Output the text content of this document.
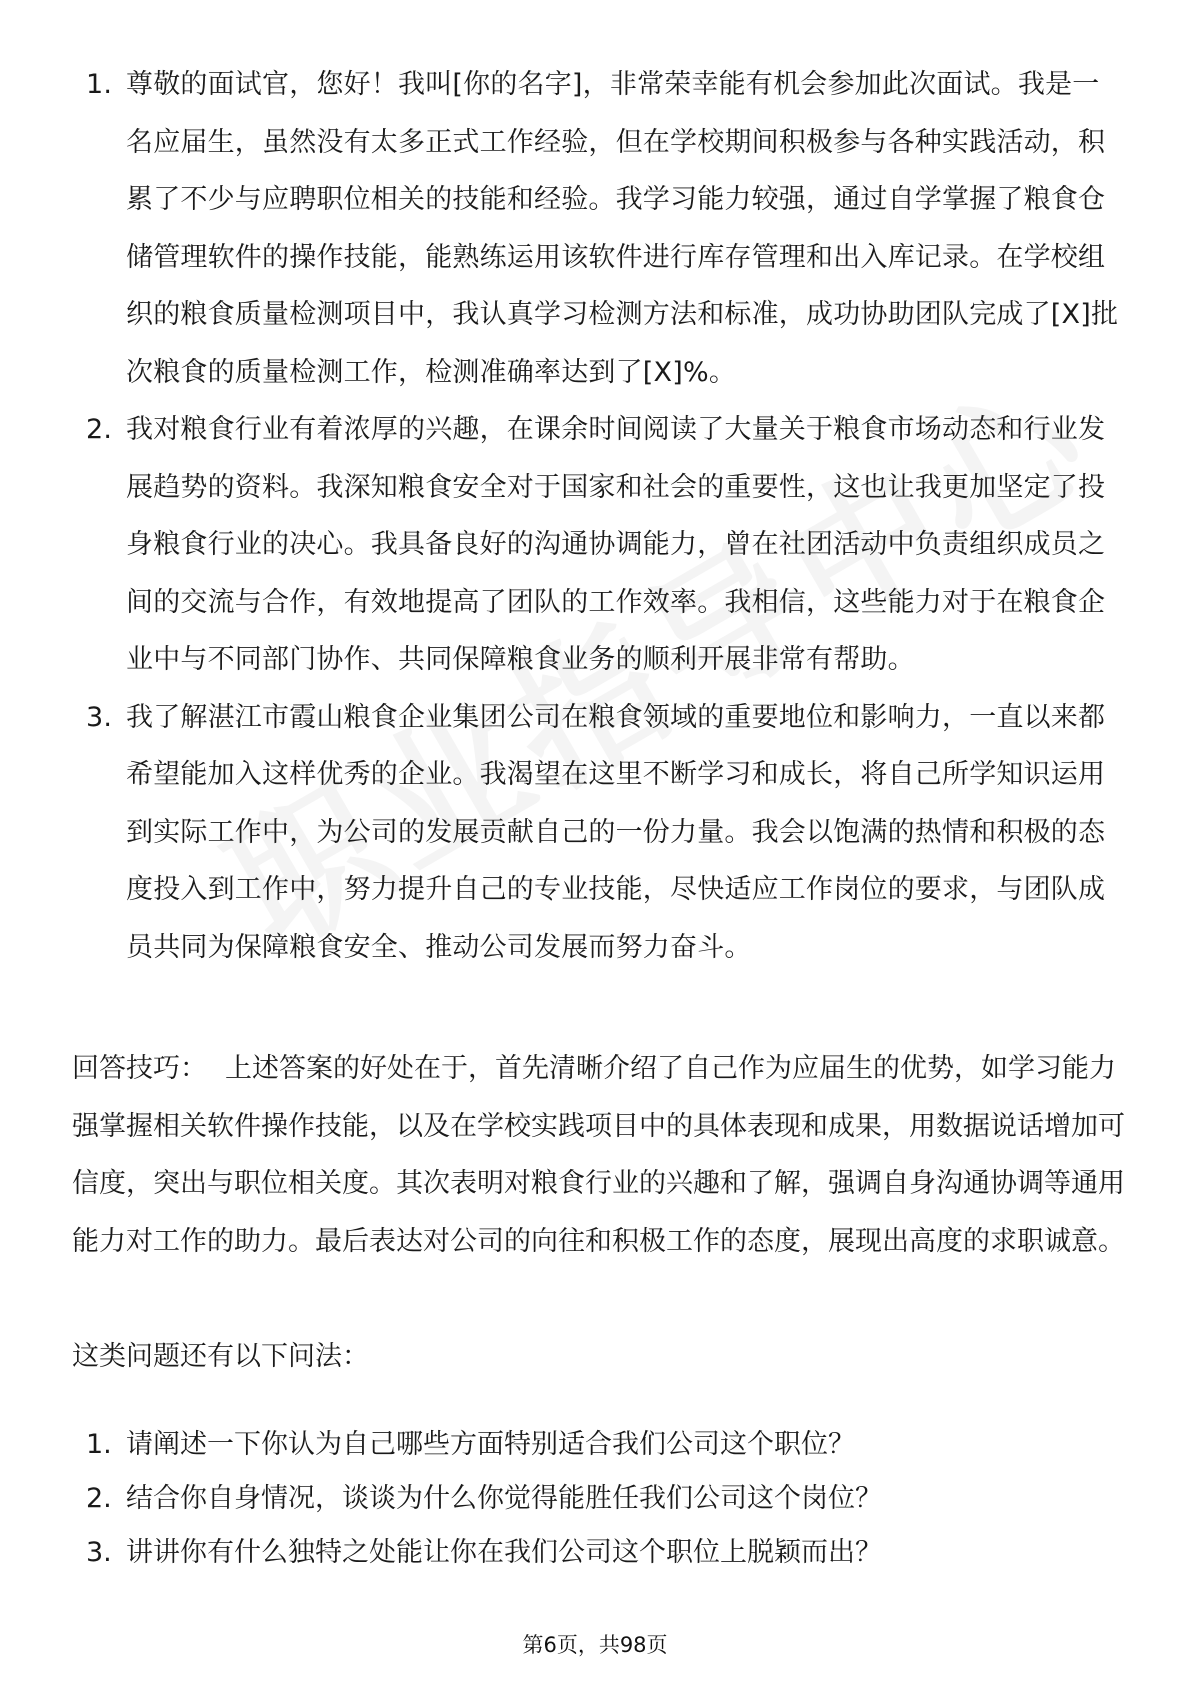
1. 尊敬的面试官，您好！我叫[你的名字]，非常荣幸能有机会参加此次面试。我是一名应届生，虽然没有太多正式工作经验，但在学校期间积极参与各种实践活动，积累了不少与应聘职位相关的技能和经验。我学习能力较强，通过自学掌握了粮食仓储管理软件的操作技能，能熟练运用该软件进行库存管理和出入库记录。在学校组织的粮食质量检测项目中，我认真学习检测方法和标准，成功协助团队完成了[X]批次粮食的质量检测工作，检测准确率达到了[X]%。
2. 我对粮食行业有着浓厚的兴趣，在课余时间阅读了大量关于粮食市场动态和行业发展趋势的资料。我深知粮食安全对于国家和社会的重要性，这也让我更加坚定了投身粮食行业的决心。我具备良好的沟通协调能力，曾在社团活动中负责组织成员之间的交流与合作，有效地提高了团队的工作效率。我相信，这些能力对于在粮食企业中与不同部门协作、共同保障粮食业务的顺利开展非常有帮助。
3. 我了解湛江市霞山粮食企业集团公司在粮食领域的重要地位和影响力，一直以来都希望能加入这样优秀的企业。我渴望在这里不断学习和成长，将自己所学知识运用到实际工作中，为公司的发展贡献自己的一份力量。我会以饱满的热情和积极的态度投入到工作中，努力提升自己的专业技能，尽快适应工作岗位的要求，与团队成员共同为保障粮食安全、推动公司发展而努力奋斗。

回答技巧： 上述答案的好处在于，首先清晰介绍了自己作为应届生的优势，如学习能力强掌握相关软件操作技能，以及在学校实践项目中的具体表现和成果，用数据说话增加可信度，突出与职位相关度。其次表明对粮食行业的兴趣和了解，强调自身沟通协调等通用能力对工作的助力。最后表达对公司的向往和积极工作的态度，展现出高度的求职诚意。

这类问题还有以下问法：

1. 请阐述一下你认为自己哪些方面特别适合我们公司这个职位？
2. 结合你自身情况，谈谈为什么你觉得能胜任我们公司这个岗位？
3. 讲讲你有什么独特之处能让你在我们公司这个职位上脱颖而出？
第6页，共98页
